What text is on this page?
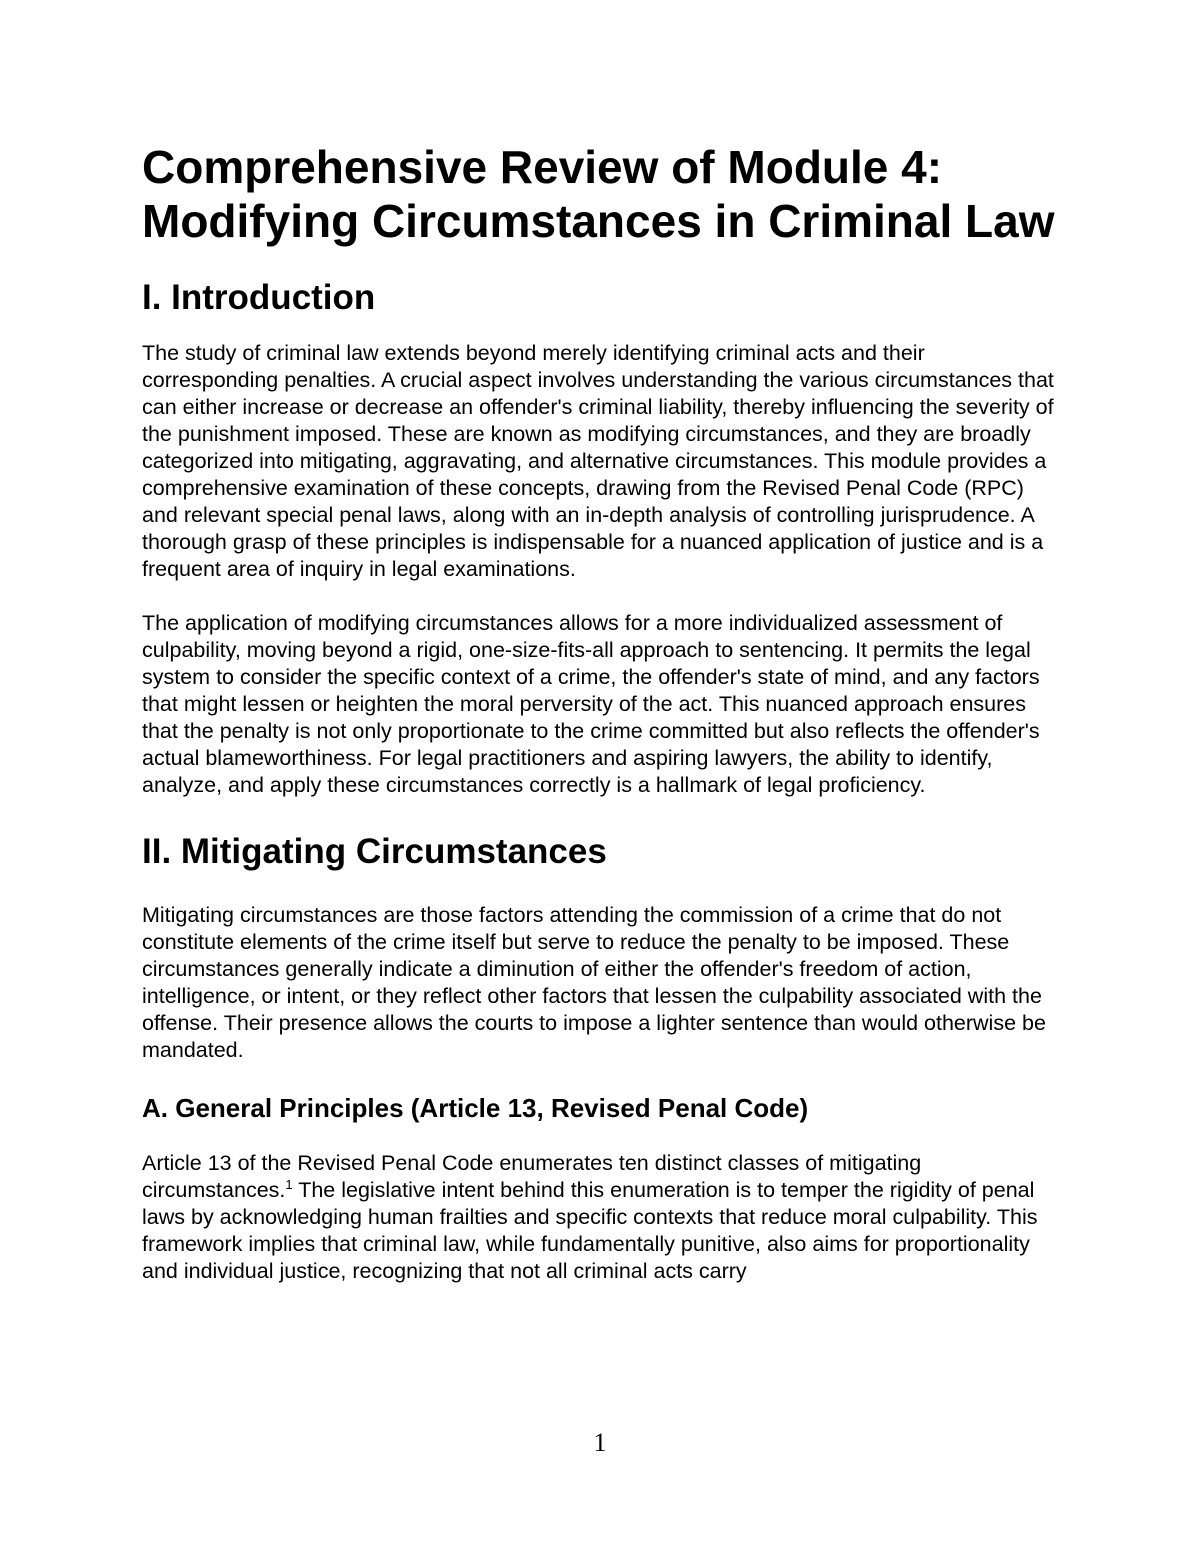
Comprehensive Review of Module 4: Modifying Circumstances in Criminal Law
I. Introduction

The study of criminal law extends beyond merely identifying criminal acts and their corresponding penalties. A crucial aspect involves understanding the various circumstances that can either increase or decrease an offender's criminal liability, thereby influencing the severity of the punishment imposed. These are known as modifying circumstances, and they are broadly categorized into mitigating, aggravating, and alternative circumstances. This module provides a comprehensive examination of these concepts, drawing from the Revised Penal Code (RPC) and relevant special penal laws, along with an in-depth analysis of controlling jurisprudence. A thorough grasp of these principles is indispensable for a nuanced application of justice and is a frequent area of inquiry in legal examinations.

The application of modifying circumstances allows for a more individualized assessment of culpability, moving beyond a rigid, one-size-fits-all approach to sentencing. It permits the legal system to consider the specific context of a crime, the offender's state of mind, and any factors that might lessen or heighten the moral perversity of the act. This nuanced approach ensures that the penalty is not only proportionate to the crime committed but also reflects the offender's actual blameworthiness. For legal practitioners and aspiring lawyers, the ability to identify, analyze, and apply these circumstances correctly is a hallmark of legal proficiency.

II. Mitigating Circumstances

Mitigating circumstances are those factors attending the commission of a crime that do not constitute elements of the crime itself but serve to reduce the penalty to be imposed. These circumstances generally indicate a diminution of either the offender's freedom of action, intelligence, or intent, or they reflect other factors that lessen the culpability associated with the offense. Their presence allows the courts to impose a lighter sentence than would otherwise be mandated.

A. General Principles (Article 13, Revised Penal Code)

Article 13 of the Revised Penal Code enumerates ten distinct classes of mitigating circumstances.$^1$ The legislative intent behind this enumeration is to temper the rigidity of penal laws by acknowledging human frailties and specific contexts that reduce moral culpability. This framework implies that criminal law, while fundamentally punitive, also aims for proportionality and individual justice, recognizing that not all criminal acts carry

1
